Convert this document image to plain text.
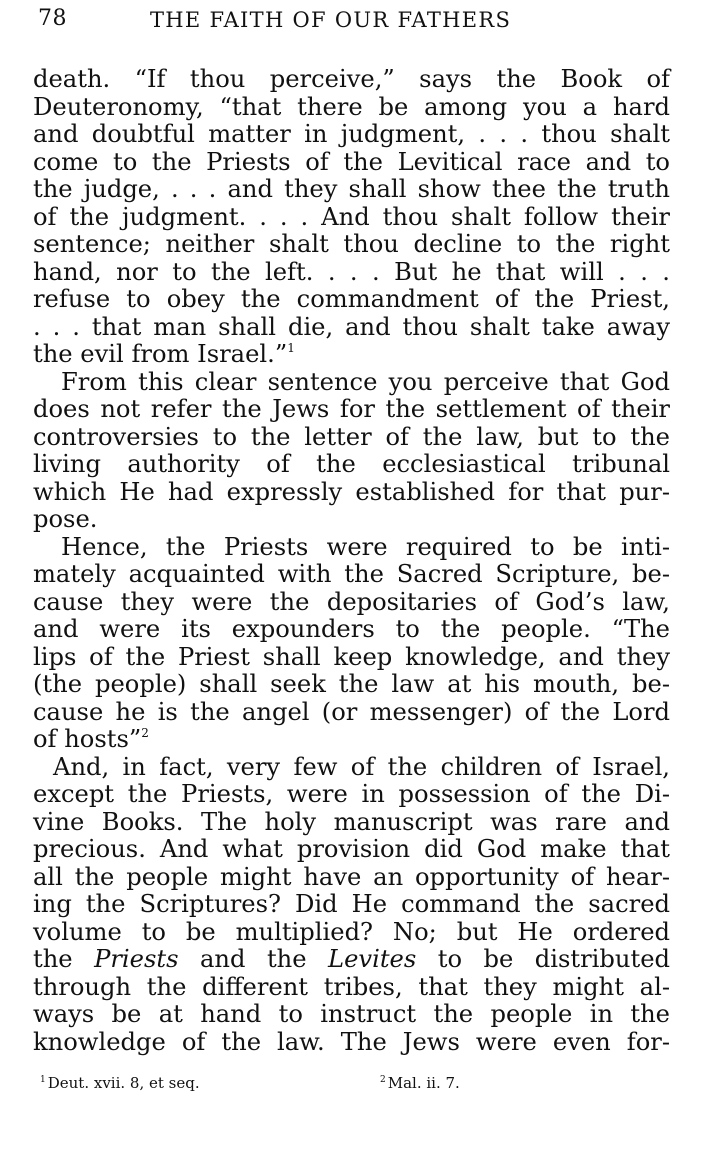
78	THE FAITH OF OUR FATHERS
death. “If thou perceive,” says the Book of
Deuteronomy, “that there be among you a hard
and doubtful matter in judgment, . . . thou shalt
come to the Priests of the Levitical race and to
the judge, . . . and they shall show thee the truth
of the judgment. . . . And thou shalt follow their
sentence; neither shalt thou decline to the right
hand, nor to the left. . . . But he that will . . .
refuse to obey the commandment of the Priest,
. . . that man shall die, and thou shalt take away
the evil from Israel.”$^1$
From this clear sentence you perceive that God
does not refer the Jews for the settlement of their
controversies to the letter of the law, but to the
living authority of the ecclesiastical tribunal
which He had expressly established for that pur-
pose.
Hence, the Priests were required to be inti-
mately acquainted with the Sacred Scripture, be-
cause they were the depositaries of God’s law,
and were its expounders to the people. “The
lips of the Priest shall keep knowledge, and they
(the people) shall seek the law at his mouth, be-
cause he is the angel (or messenger) of the Lord
of hosts”$^2$
And, in fact, very few of the children of Israel,
except the Priests, were in possession of the Di-
vine Books. The holy manuscript was rare and
precious. And what provision did God make that
all the people might have an opportunity of hear-
ing the Scriptures? Did He command the sacred
volume to be multiplied? No; but He ordered
the Priests and the Levites to be distributed
through the different tribes, that they might al-
ways be at hand to instruct the people in the
knowledge of the law. The Jews were even for-
$^1$ Deut. xvii. 8, et seq.	$^2$ Mal. ii. 7.
